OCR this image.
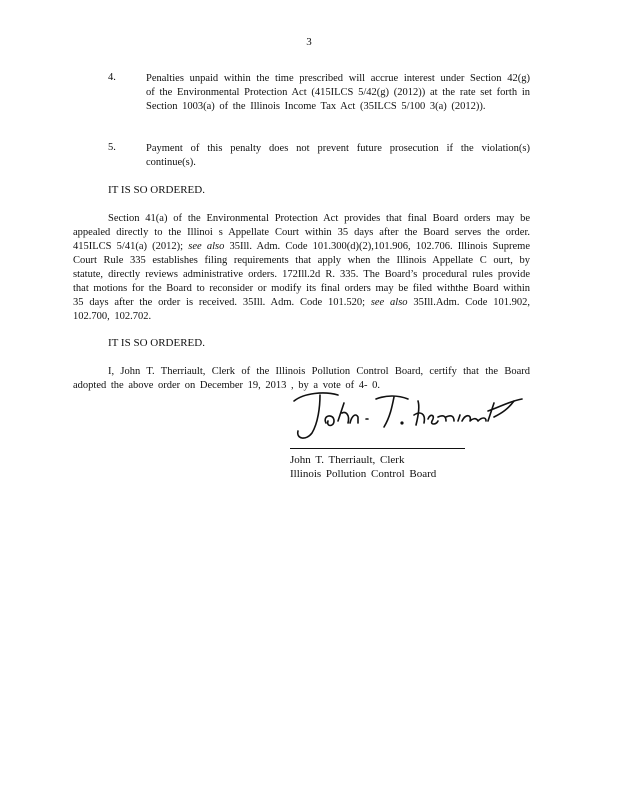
3
4.	Penalties unpaid within the time prescribed will accrue interest under Section 42(g) of the Environmental Protection Act (415ILCS 5/42(g) (2012)) at the rate set forth in Section 1003(a) of the Illinois Income Tax Act (35ILCS 5/100 3(a) (2012)).
5.	Payment of this penalty does not prevent future prosecution if the violation(s) continue(s).
IT IS SO ORDERED.

Section 41(a) of the Environmental Protection Act provides that final Board orders may be appealed directly to the Illinoi s Appellate Court within 35 days after the Board serves the order. 415ILCS 5/41(a) (2012); see also 35Ill. Adm. Code 101.300(d)(2),101.906, 102.706. Illinois Supreme Court Rule 335 establishes filing requirements that apply when the Illinois Appellate C ourt, by statute, directly reviews administrative orders. 172Ill.2d R. 335. The Board’s procedural rules provide that motions for the Board to reconsider or modify its final orders may be filed withthe Board within 35 days after the order is received. 35Ill. Adm. Code 101.520; see also 35Ill.Adm. Code 101.902, 102.700, 102.702.

IT IS SO ORDERED.

I, John T. Therriault, Clerk of the Illinois Pollution Control Board, certify that the Board adopted the above order on December 19, 2013 , by a vote of 4- 0.

John T. Therriault, Clerk
Illinois Pollution Control Board
